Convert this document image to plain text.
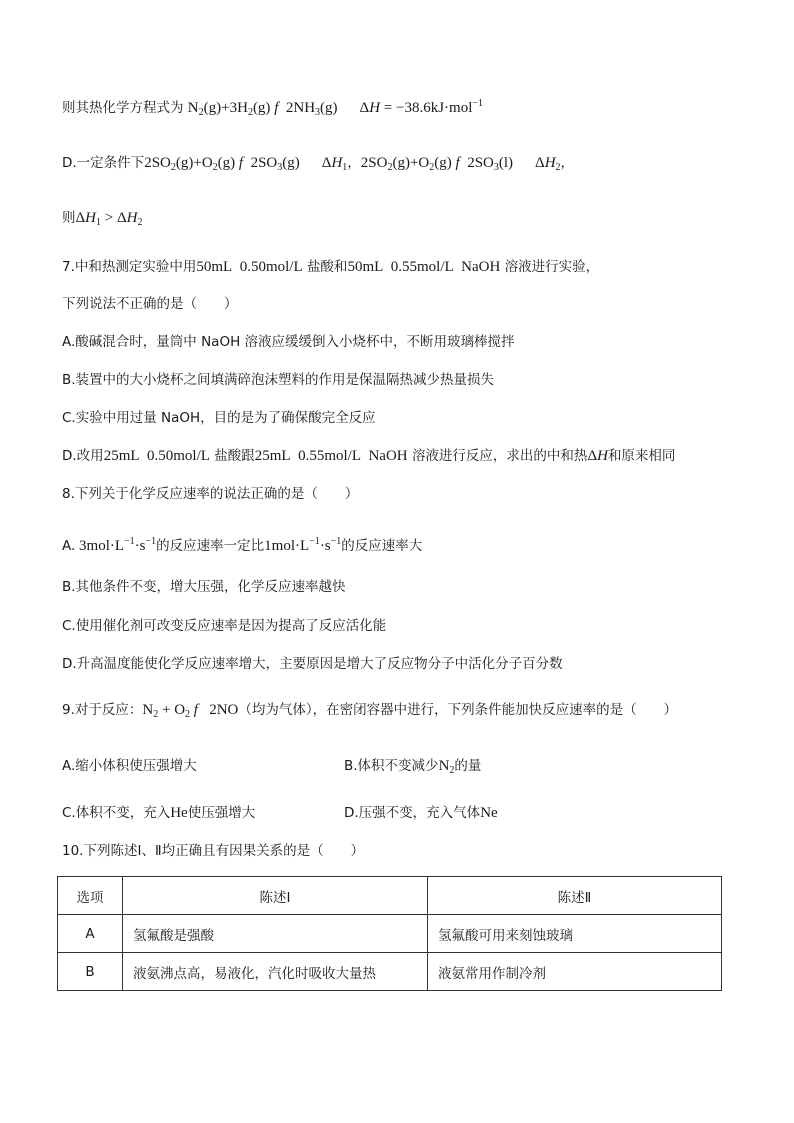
则其热化学方程式为 $N_2(g)+3H_2(g)$ f  $2NH_3(g) \Delta H = -38.6kJ\cdot mol^{-1}$
D.一定条件下$2SO_2(g)+O_2(g)$ f  $2SO_3(g)$ $\Delta H_1$，$2SO_2(g)+O_2(g)$ f  $2SO_3(l)$ $\Delta H_2$，
则$\Delta H_1 > \Delta H_2$
7.中和热测定实验中用50mL  0.50mol/L 盐酸和50mL  0.55mol/L  NaOH 溶液进行实验，
下列说法不正确的是（　　）
A.酸碱混合时，量筒中 NaOH 溶液应缓缓倒入小烧杯中，不断用玻璃棒搅拌
B.装置中的大小烧杯之间填满碎泡沫塑料的作用是保温隔热减少热量损失
C.实验中用过量 NaOH，目的是为了确保酸完全反应
D.改用25mL  0.50mol/L 盐酸跟25mL  0.55mol/L  NaOH 溶液进行反应，求出的中和热ΔH和原来相同
8.下列关于化学反应速率的说法正确的是（　　）
A. $3mol\cdot L^{-1}\cdot s^{-1}$的反应速率一定比$1mol\cdot L^{-1}\cdot s^{-1}$的反应速率大
B.其他条件不变，增大压强，化学反应速率越快
C.使用催化剂可改变反应速率是因为提高了反应活化能
D.升高温度能使化学反应速率增大，主要原因是增大了反应物分子中活化分子百分数
9.对于反应：$N_2 + O_2$ f   2NO（均为气体），在密闭容器中进行，下列条件能加快反应速率的是（　　）
A.缩小体积使压强增大	B.体积不变减少$N_2$的量
C.体积不变，充入He使压强增大	D.压强不变，充入气体Ne
10.下列陈述Ⅰ、Ⅱ均正确且有因果关系的是（　　）
选项	陈述Ⅰ	陈述Ⅱ
A	氢氟酸是强酸	氢氟酸可用来刻蚀玻璃
B	液氨沸点高，易液化，汽化时吸收大量热	液氨常用作制冷剂
